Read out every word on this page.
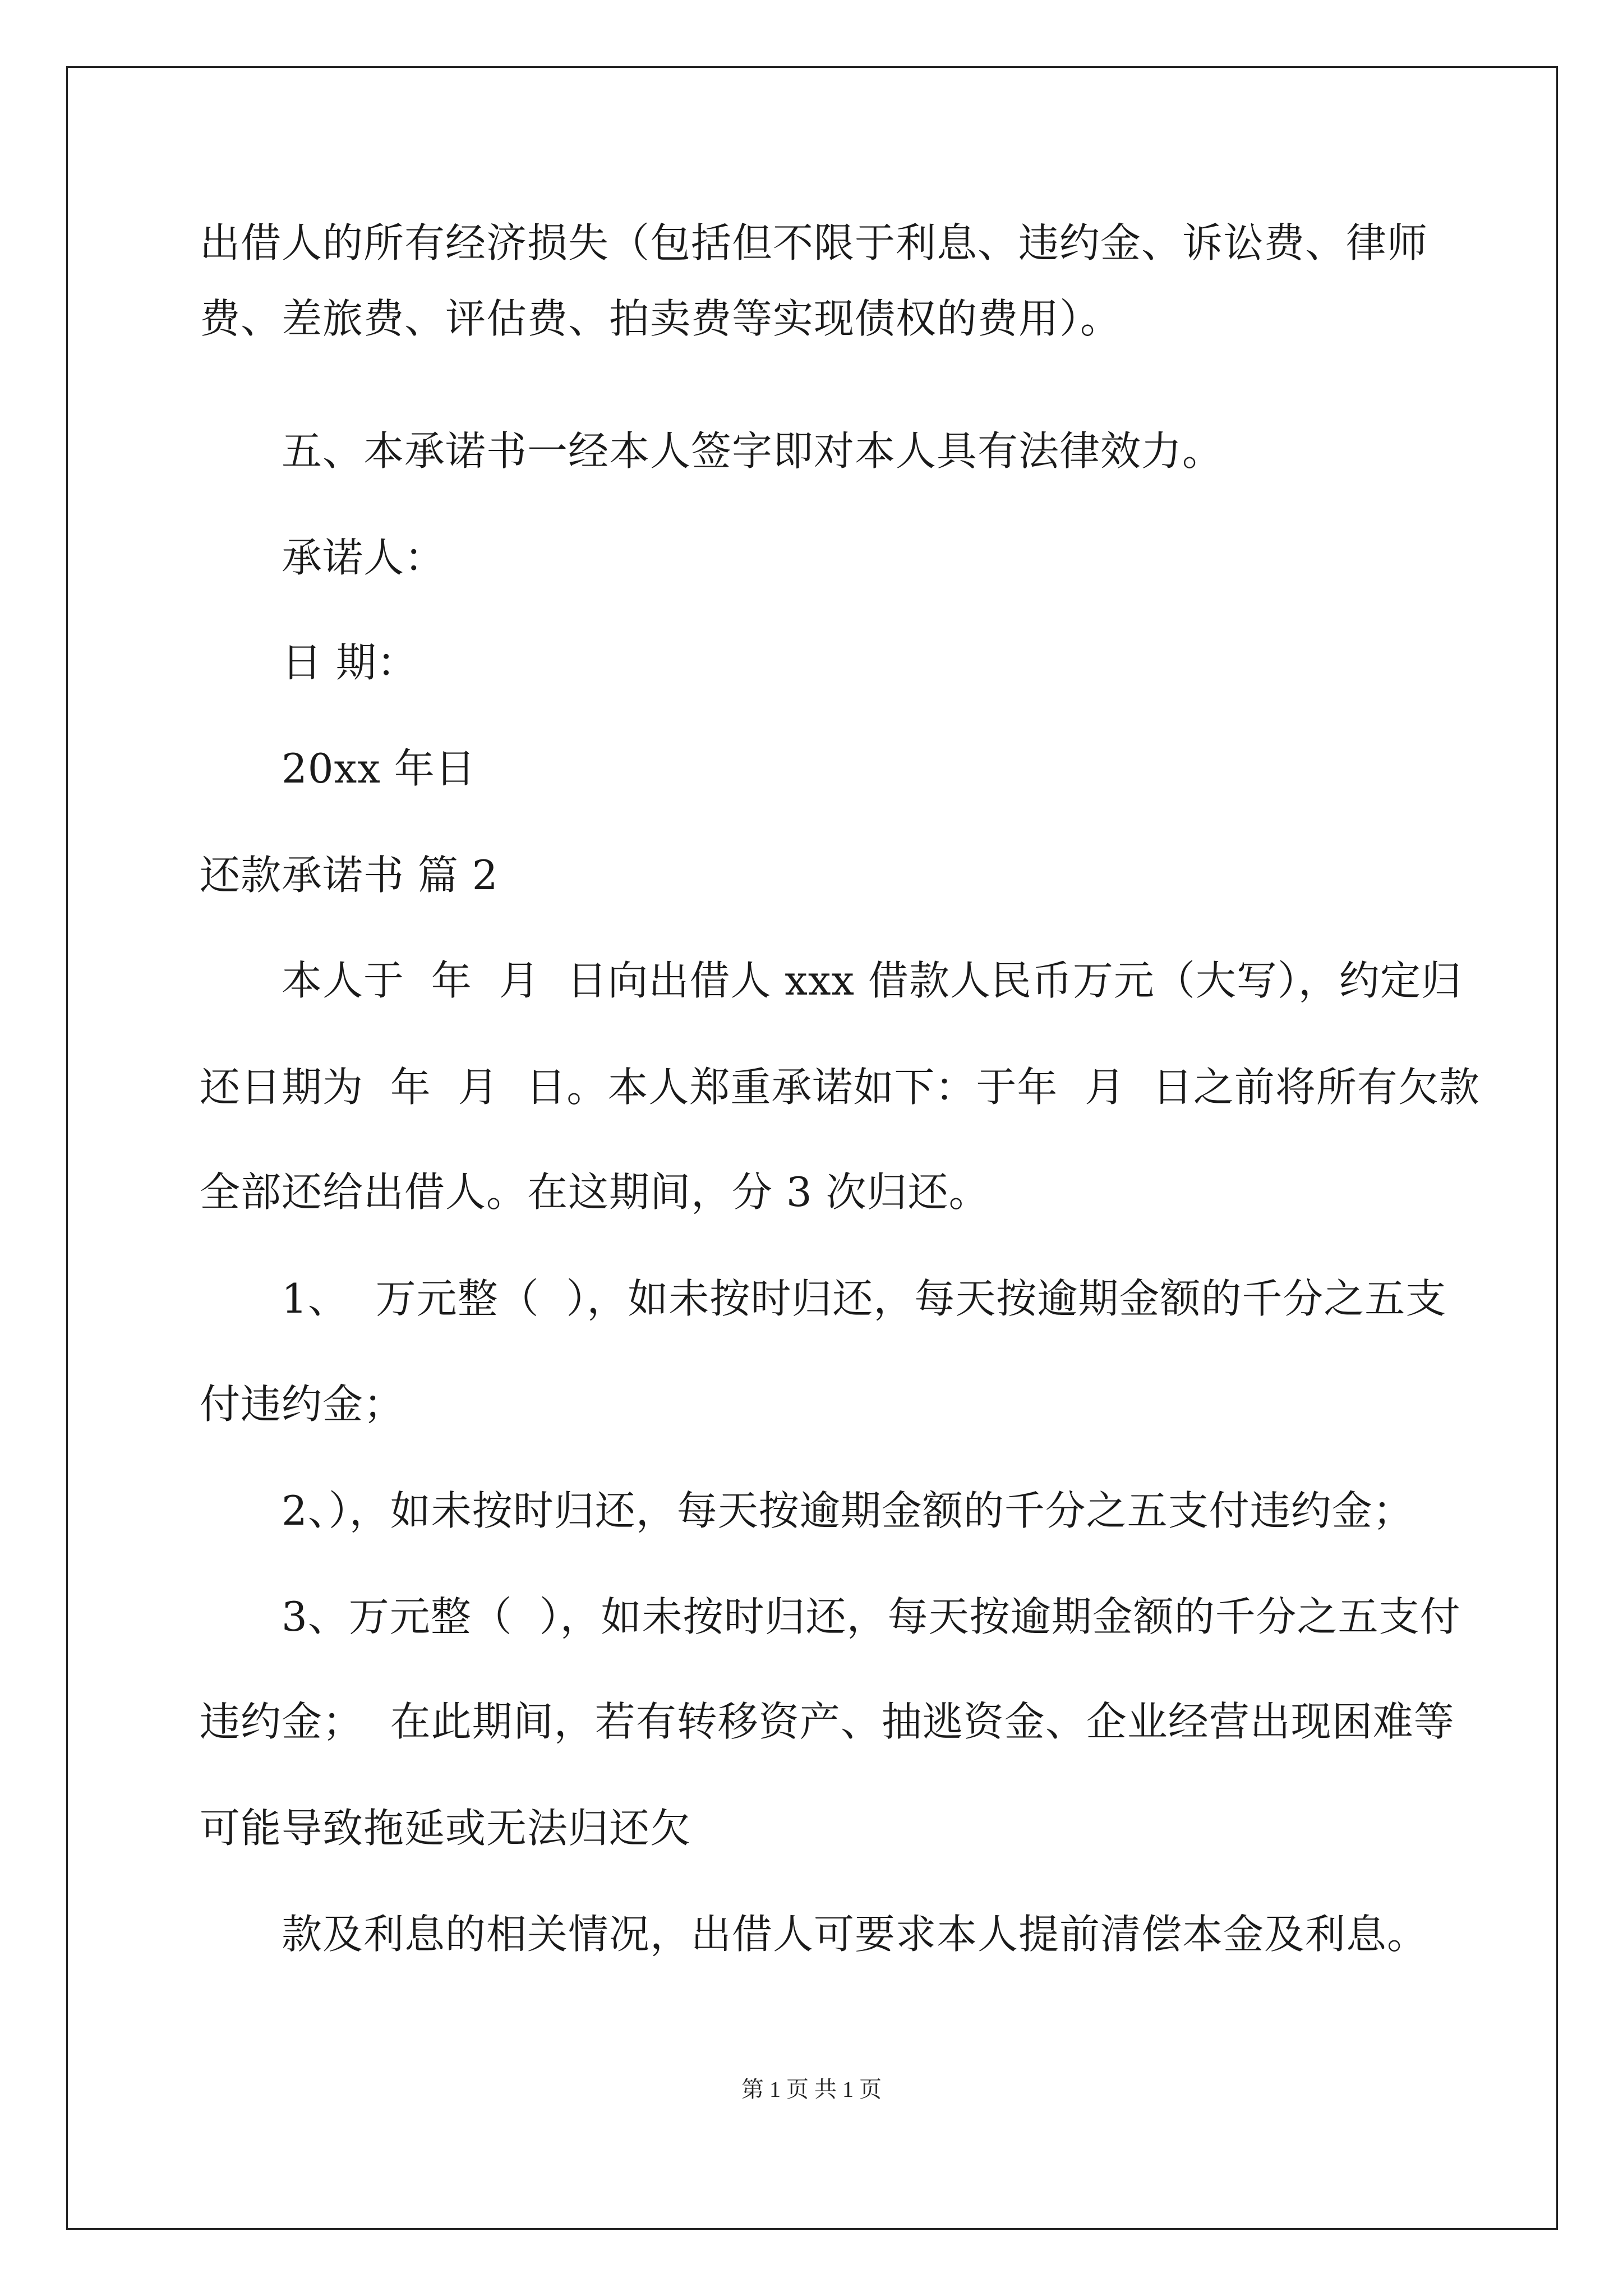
出借人的所有经济损失（包括但不限于利息、违约金、诉讼费、律师
费、差旅费、评估费、拍卖费等实现债权的费用）。
五、本承诺书一经本人签字即对本人具有法律效力。
承诺人：
日 期：
20xx 年日
还款承诺书 篇 2
本人于  年  月  日向出借人 xxx 借款人民币万元（大写），约定归
还日期为  年  月  日。本人郑重承诺如下：于年  月  日之前将所有欠款
全部还给出借人。在这期间，分 3 次归还。
1、  万元整（  ），如未按时归还，每天按逾期金额的千分之五支
付违约金；
2、），如未按时归还，每天按逾期金额的千分之五支付违约金；
3、万元整（  ），如未按时归还，每天按逾期金额的千分之五支付
违约金；  在此期间，若有转移资产、抽逃资金、企业经营出现困难等
可能导致拖延或无法归还欠
款及利息的相关情况，出借人可要求本人提前清偿本金及利息。
第 1 页 共 1 页
